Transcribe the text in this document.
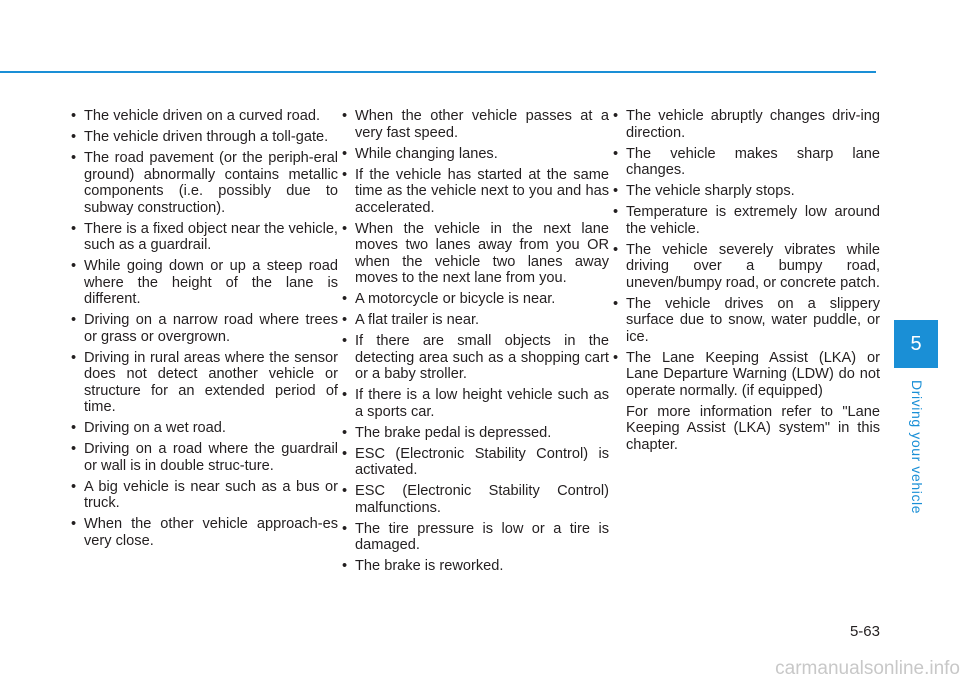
• The vehicle driven on a curved road.
• The vehicle driven through a toll-gate.
• The road pavement (or the periph-eral ground) abnormally contains metallic components (i.e. possibly due to subway construction).
• There is a fixed object near the vehicle, such as a guardrail.
• While going down or up a steep road where the height of the lane is different.
• Driving on a narrow road where trees or grass or overgrown.
• Driving in rural areas where the sensor does not detect another vehicle or structure for an extended period of time.
• Driving on a wet road.
• Driving on a road where the guardrail or wall is in double struc-ture.
• A big vehicle is near such as a bus or truck.
• When the other vehicle approach-es very close.
• When the other vehicle passes at a very fast speed.
• While changing lanes.
• If the vehicle has started at the same time as the vehicle next to you and has accelerated.
• When the vehicle in the next lane moves two lanes away from you OR when the vehicle two lanes away moves to the next lane from you.
• A motorcycle or bicycle is near.
• A flat trailer is near.
• If there are small objects in the detecting area such as a shopping cart or a baby stroller.
• If there is a low height vehicle such as a sports car.
• The brake pedal is depressed.
• ESC (Electronic Stability Control) is activated.
• ESC (Electronic Stability Control) malfunctions.
• The tire pressure is low or a tire is damaged.
• The brake is reworked.
• The vehicle abruptly changes driv-ing direction.
• The vehicle makes sharp lane changes.
• The vehicle sharply stops.
• Temperature is extremely low around the vehicle.
• The vehicle severely vibrates while driving over a bumpy road, uneven/bumpy road, or concrete patch.
• The vehicle drives on a slippery surface due to snow, water puddle, or ice.
• The Lane Keeping Assist (LKA) or Lane Departure Warning (LDW) do not operate normally. (if equipped)
For more information refer to "Lane Keeping Assist (LKA) system" in this chapter.
5
Driving your vehicle
5-63
carmanualsonline.info
